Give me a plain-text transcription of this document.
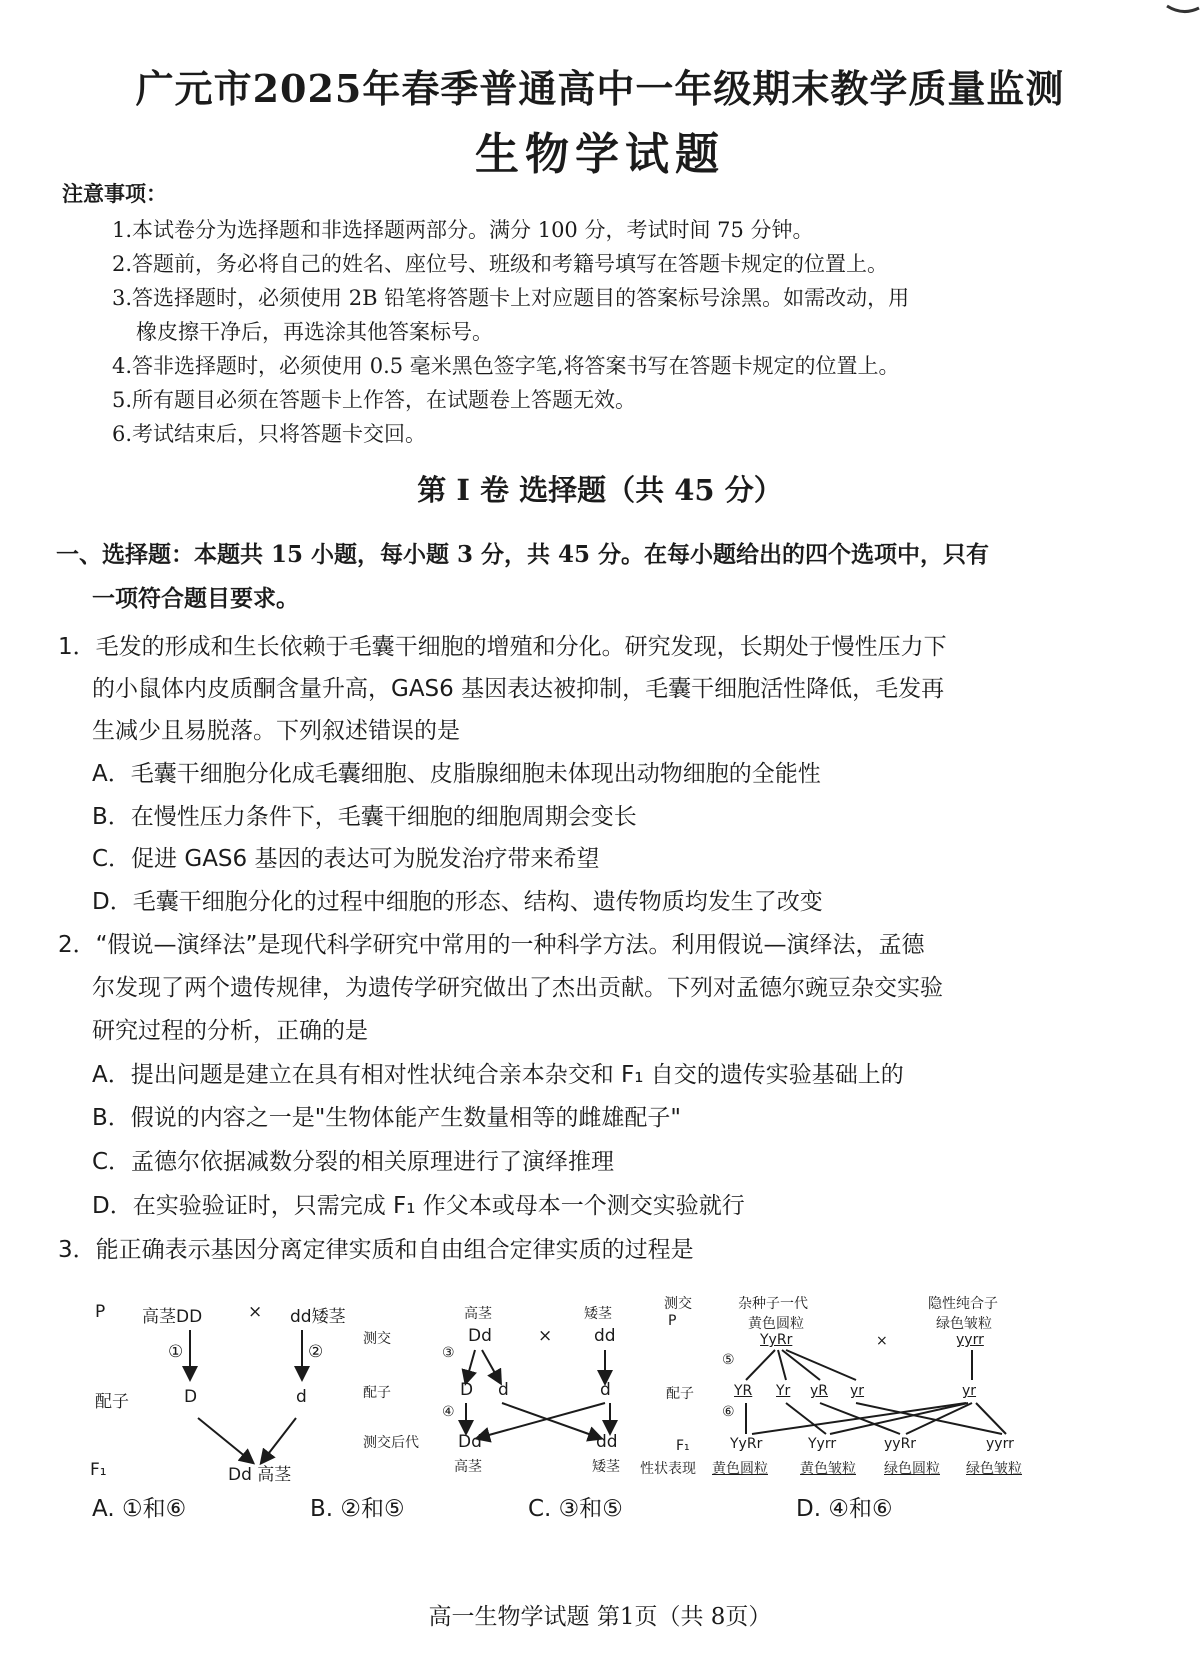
广元市2025年春季普通高中一年级期末教学质量监测
生物学试题
注意事项：
1.本试卷分为选择题和非选择题两部分。满分 100 分，考试时间 75 分钟。
2.答题前，务必将自己的姓名、座位号、班级和考籍号填写在答题卡规定的位置上。
3.答选择题时，必须使用 2B 铅笔将答题卡上对应题目的答案标号涂黑。如需改动，用
橡皮擦干净后，再选涂其他答案标号。
4.答非选择题时，必须使用 0.5 毫米黑色签字笔,将答案书写在答题卡规定的位置上。
5.所有题目必须在答题卡上作答，在试题卷上答题无效。
6.考试结束后，只将答题卡交回。
第 I 卷 选择题（共 45 分）
一、选择题：本题共 15 小题，每小题 3 分，共 45 分。在每小题给出的四个选项中，只有
一项符合题目要求。
1．毛发的形成和生长依赖于毛囊干细胞的增殖和分化。研究发现，长期处于慢性压力下
的小鼠体内皮质酮含量升高，GAS6 基因表达被抑制，毛囊干细胞活性降低，毛发再
生减少且易脱落。下列叙述错误的是
A．毛囊干细胞分化成毛囊细胞、皮脂腺细胞未体现出动物细胞的全能性
B．在慢性压力条件下，毛囊干细胞的细胞周期会变长
C．促进 GAS6 基因的表达可为脱发治疗带来希望
D．毛囊干细胞分化的过程中细胞的形态、结构、遗传物质均发生了改变
2．“假说—演绎法”是现代科学研究中常用的一种科学方法。利用假说—演绎法，孟德
尔发现了两个遗传规律，为遗传学研究做出了杰出贡献。下列对孟德尔豌豆杂交实验
研究过程的分析，正确的是
A．提出问题是建立在具有相对性状纯合亲本杂交和 F₁ 自交的遗传实验基础上的
B．假说的内容之一是"生物体能产生数量相等的雌雄配子"
C．孟德尔依据减数分裂的相关原理进行了演绎推理
D．在实验验证时，只需完成 F₁ 作父本或母本一个测交实验就行
3．能正确表示基因分离定律实质和自由组合定律实质的过程是
P 高茎DD	× dd矮茎
①	②
配子	D	d
F₁	Dd 高茎
高茎	矮茎
测交	Dd	× dd
③
配子	D d	d
④
测交后代 Dd	dd
高茎	矮茎
测交
P
杂种子一代
黄色圆粒
隐性纯合子
绿色皱粒
YyRr	×	yyrr
⑤
配子	YR Yr yR yr	yr
⑥
F₁	YyRr	Yyrr	yyRr	yyrr
性状表现 黄色圆粒 黄色皱粒 绿色圆粒 绿色皱粒
A. ①和⑥	B. ②和⑤	C. ③和⑤	D. ④和⑥
高一生物学试题 第1页（共 8页）
